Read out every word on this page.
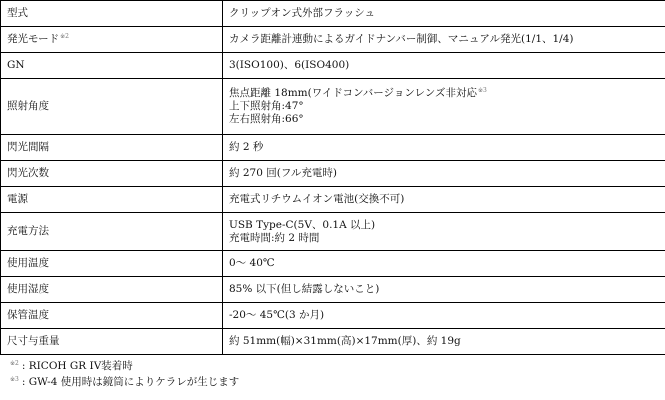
型式	クリップオン式外部フラッシュ
発光モード$^{※2}$	カメラ距離計連動によるガイドナンバー制御、マニュアル発光(1/1、1/4)
GN	3(ISO100)、6(ISO400)
照射角度	焦点距離 18mm(ワイドコンバージョンレンズ非対応$^{※3}$
上下照射角:47°
左右照射角:66°

閃光間隔	約 2 秒
閃光次数	約 270 回(フル充電時)
電源	充電式リチウムイオン電池(交換不可)
充電方法	USB Type-C(5V、0.1A 以上)
充電時間:約 2 時間

使用温度	0～ 40℃
使用湿度	85% 以下(但し結露しないこと)
保管温度	-20～ 45℃(3 か月)
尺寸与重量	約 51mm(幅)×31mm(高)×17mm(厚)、約 19g
$^{※2}$ : RICOH GR IV装着時
$^{※3}$ : GW-4 使用時は鏡筒によりケラレが生じます
